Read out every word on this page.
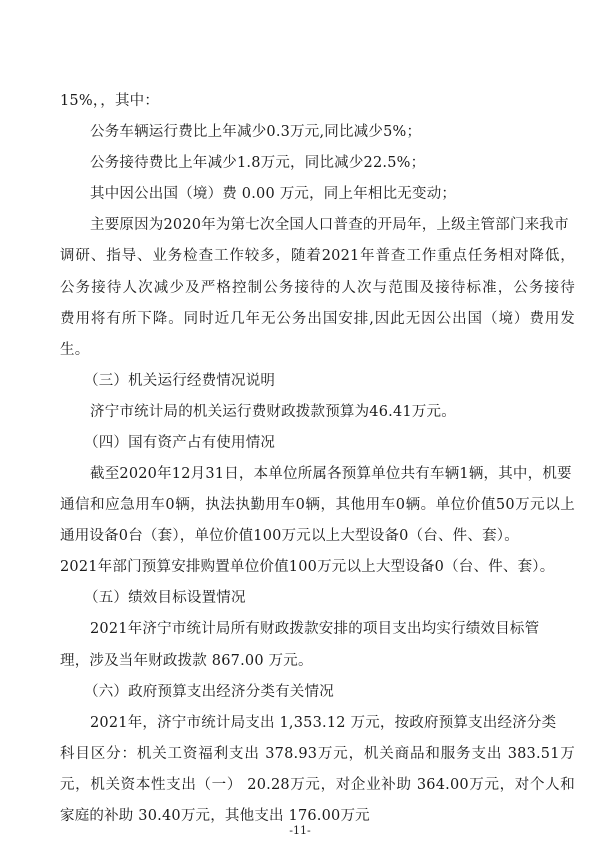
15%，，其中：
公务车辆运行费比上年减少0.3万元,同比减少5%；
公务接待费比上年减少1.8万元，同比减少22.5%；
其中因公出国（境）费 0.00 万元，同上年相比无变动；
主要原因为2020年为第七次全国人口普查的开局年，上级主管部门来我市
调研、指导、业务检查工作较多，随着2021年普查工作重点任务相对降低，
公务接待人次减少及严格控制公务接待的人次与范围及接待标准，公务接待
费用将有所下降。同时近几年无公务出国安排,因此无因公出国（境）费用发
生。
（三）机关运行经费情况说明
济宁市统计局的机关运行费财政拨款预算为46.41万元。
（四）国有资产占有使用情况
截至2020年12月31日，本单位所属各预算单位共有车辆1辆，其中，机要
通信和应急用车0辆，执法执勤用车0辆，其他用车0辆。单位价值50万元以上
通用设备0台（套），单位价值100万元以上大型设备0（台、件、套）。
2021年部门预算安排购置单位价值100万元以上大型设备0（台、件、套）。
（五）绩效目标设置情况
2021年济宁市统计局所有财政拨款安排的项目支出均实行绩效目标管
理，涉及当年财政拨款 867.00 万元。
（六）政府预算支出经济分类有关情况
2021年，济宁市统计局支出 1,353.12 万元，按政府预算支出经济分类
科目区分：机关工资福利支出 378.93万元，机关商品和服务支出 383.51万
元，机关资本性支出（一） 20.28万元，对企业补助 364.00万元，对个人和
家庭的补助 30.40万元，其他支出 176.00万元
-11-
